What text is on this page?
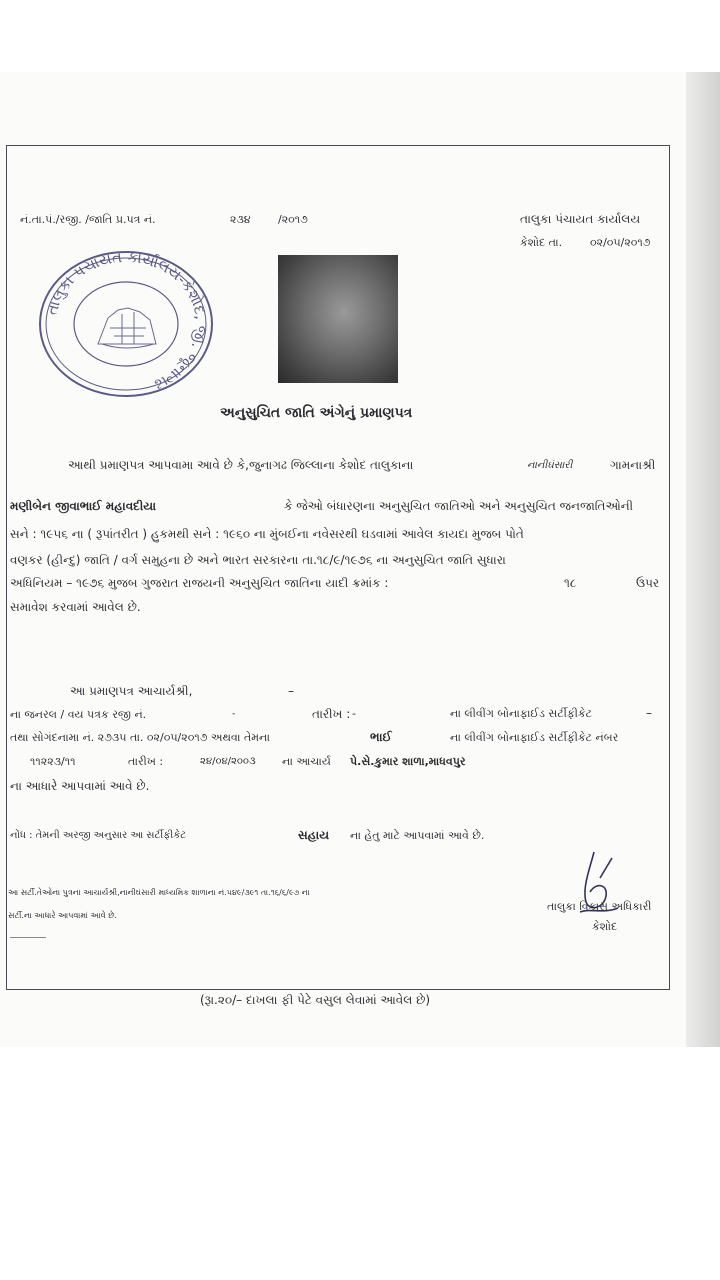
નં.તા.પં./રજી. /જાતિ પ્ર.પત્ર નં.	૨૩૪ /૨૦૧૭	તાલુકા પંચાયત કાર્યાલય
કેશોદ તા.	૦૨/૦૫/૨૦૧૭
તાલુકા પંચાયત કાર્યાલય-કેશોદ, જી. જૂનાગઢ
અનુસુચિત જાતિ અંગેનું પ્રમાણપત્ર
આથી પ્રમાણપત્ર આપવામા આવે છે કે,જુનાગઢ જિલ્લાના કેશોદ તાલુકાના	નાનીઘંસારી	ગામનાશ્રી
મણીબેન જીવાભાઈ મહાવદીયા	કે જેઓ બંધારણના અનુસુચિત જાતિઓ અને અનુસુચિત જનજાતિઓની
સને : ૧૯૫૬ ના ( રૂપાંતરીત ) હુકમથી સને : ૧૯૬૦ ના મુંબઈના નવેસરથી ઘડવામાં આવેલ કાયદા મુજબ પોતે
વણકર (હીન્દુ) જાતિ / વર્ગ સમુહના છે અને ભારત સરકારના તા.૧૮/૯/૧૯૭૬ ના અનુસુચિત જાતિ સુધારા
અધિનિયમ – ૧૯૭૬ મુજબ ગુજરાત રાજયની અનુસુચિત જાતિના યાદી ક્રમાંક :	૧૮	ઉપર
સમાવેશ કરવામાં આવેલ છે.
આ પ્રમાણપત્ર આચાર્યશ્રી,	–
ના જનરલ / વય પત્રક રજી નં.	-	તારીખ : -	ના લીવીંગ બોનાફાઈડ સર્ટીફીકેટ	–
તથા સોગંદનામા નં. ૨૭૩૫ તા. ૦૨/૦૫/૨૦૧૭ અથવા તેમના	ભાઈ	ના લીવીંગ બોનાફાઈડ સર્ટીફીકેટ નંબર
૧૧૨૨૩/૧૧	તારીખ :	૨૪/૦૪/૨૦૦૩ ના આચાર્ય પે.સે.કુમાર શાળા,માધવપુર
ના આધારે આપવામાં આવે છે.
નોંધ : તેમની અરજી અનુસાર આ સર્ટીફીકેટ	સહાય ના હેતુ માટે આપવામાં આવે છે.
આ સર્ટી.તેઓના પુત્રના આચાર્યશ્રી,નાનીઘંસારી માધ્યમિક શાળાના નં.૫૪૯/૩૯૧ તા.૧૬/૬/૯૭ ના
સર્ટી.ના આધારે આપવામાં આવે છે.
તાલુકા વિકાસ અધિકારી
કેશોદ
(રૂા.૨૦/– દાખલા ફી પેટે વસુલ લેવામાં આવેલ છે)
